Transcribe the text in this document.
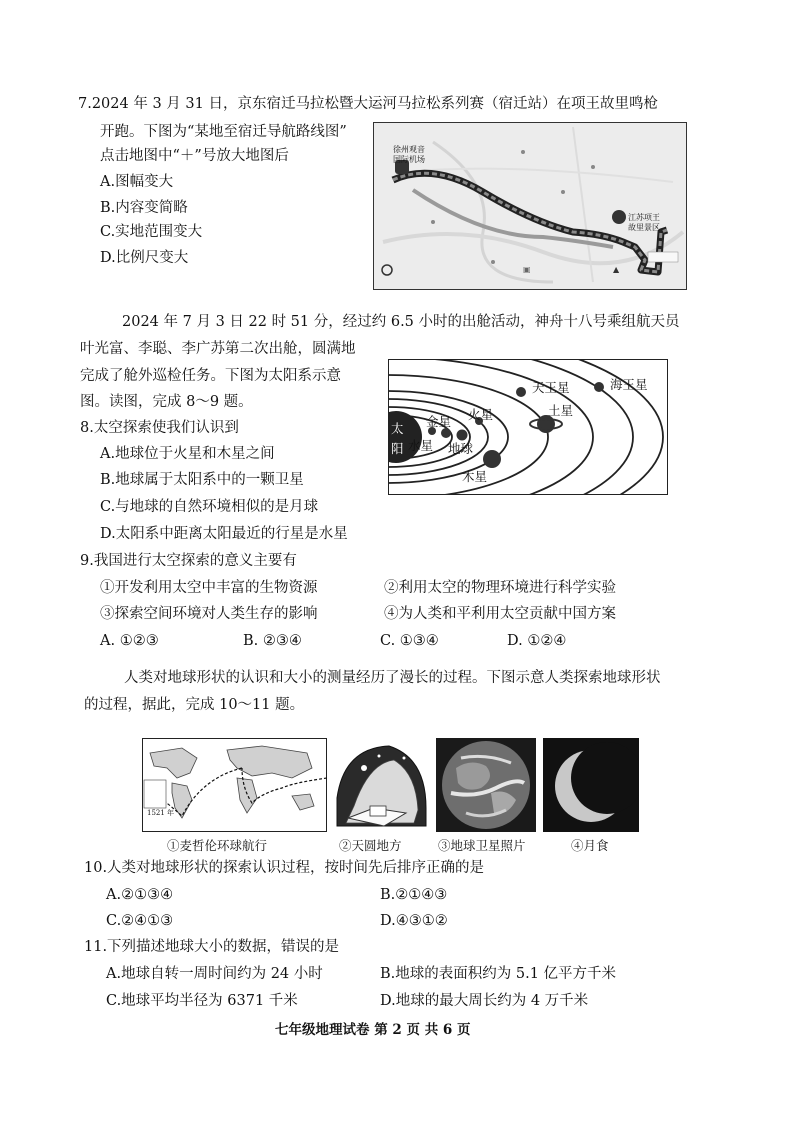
7.2024 年 3 月 31 日，京东宿迁马拉松暨大运河马拉松系列赛（宿迁站）在项王故里鸣枪
开跑。下图为“某地至宿迁导航路线图”
点击地图中“＋”号放大地图后
A.图幅变大
B.内容变简略
C.实地范围变大
D.比例尺变大
▲
▣
徐州观音
国际机场
江苏项王
故里景区
2024 年 7 月 3 日 22 时 51 分，经过约 6.5 小时的出舱活动，神舟十八号乘组航天员
叶光富、李聪、李广苏第二次出舱，圆满地
完成了舱外巡检任务。下图为太阳系示意
图。读图，完成 8～9 题。
太
阳 水星
金星
地球
火星
木星
土星
天王星	海王星
8.太空探索使我们认识到
A.地球位于火星和木星之间
B.地球属于太阳系中的一颗卫星
C.与地球的自然环境相似的是月球
D.太阳系中距离太阳最近的行星是水星
9.我国进行太空探索的意义主要有
①开发利用太空中丰富的生物资源	②利用太空的物理环境进行科学实验
③探索空间环境对人类生存的影响	④为人类和平利用太空贡献中国方案
A. ①②③	B. ②③④	C. ①③④	D. ①②④
人类对地球形状的认识和大小的测量经历了漫长的过程。下图示意人类探索地球形状
的过程，据此，完成 10～11 题。
1521 年
①麦哲伦环球航行	②天圆地方	③地球卫星照片	④月食
10.人类对地球形状的探索认识过程，按时间先后排序正确的是
A.②①③④	B.②①④③
C.②④①③	D.④③①②
11.下列描述地球大小的数据，错误的是
A.地球自转一周时间约为 24 小时	B.地球的表面积约为 5.1 亿平方千米
C.地球平均半径为 6371 千米	D.地球的最大周长约为 4 万千米
七年级地理试卷 第 2 页 共 6 页
